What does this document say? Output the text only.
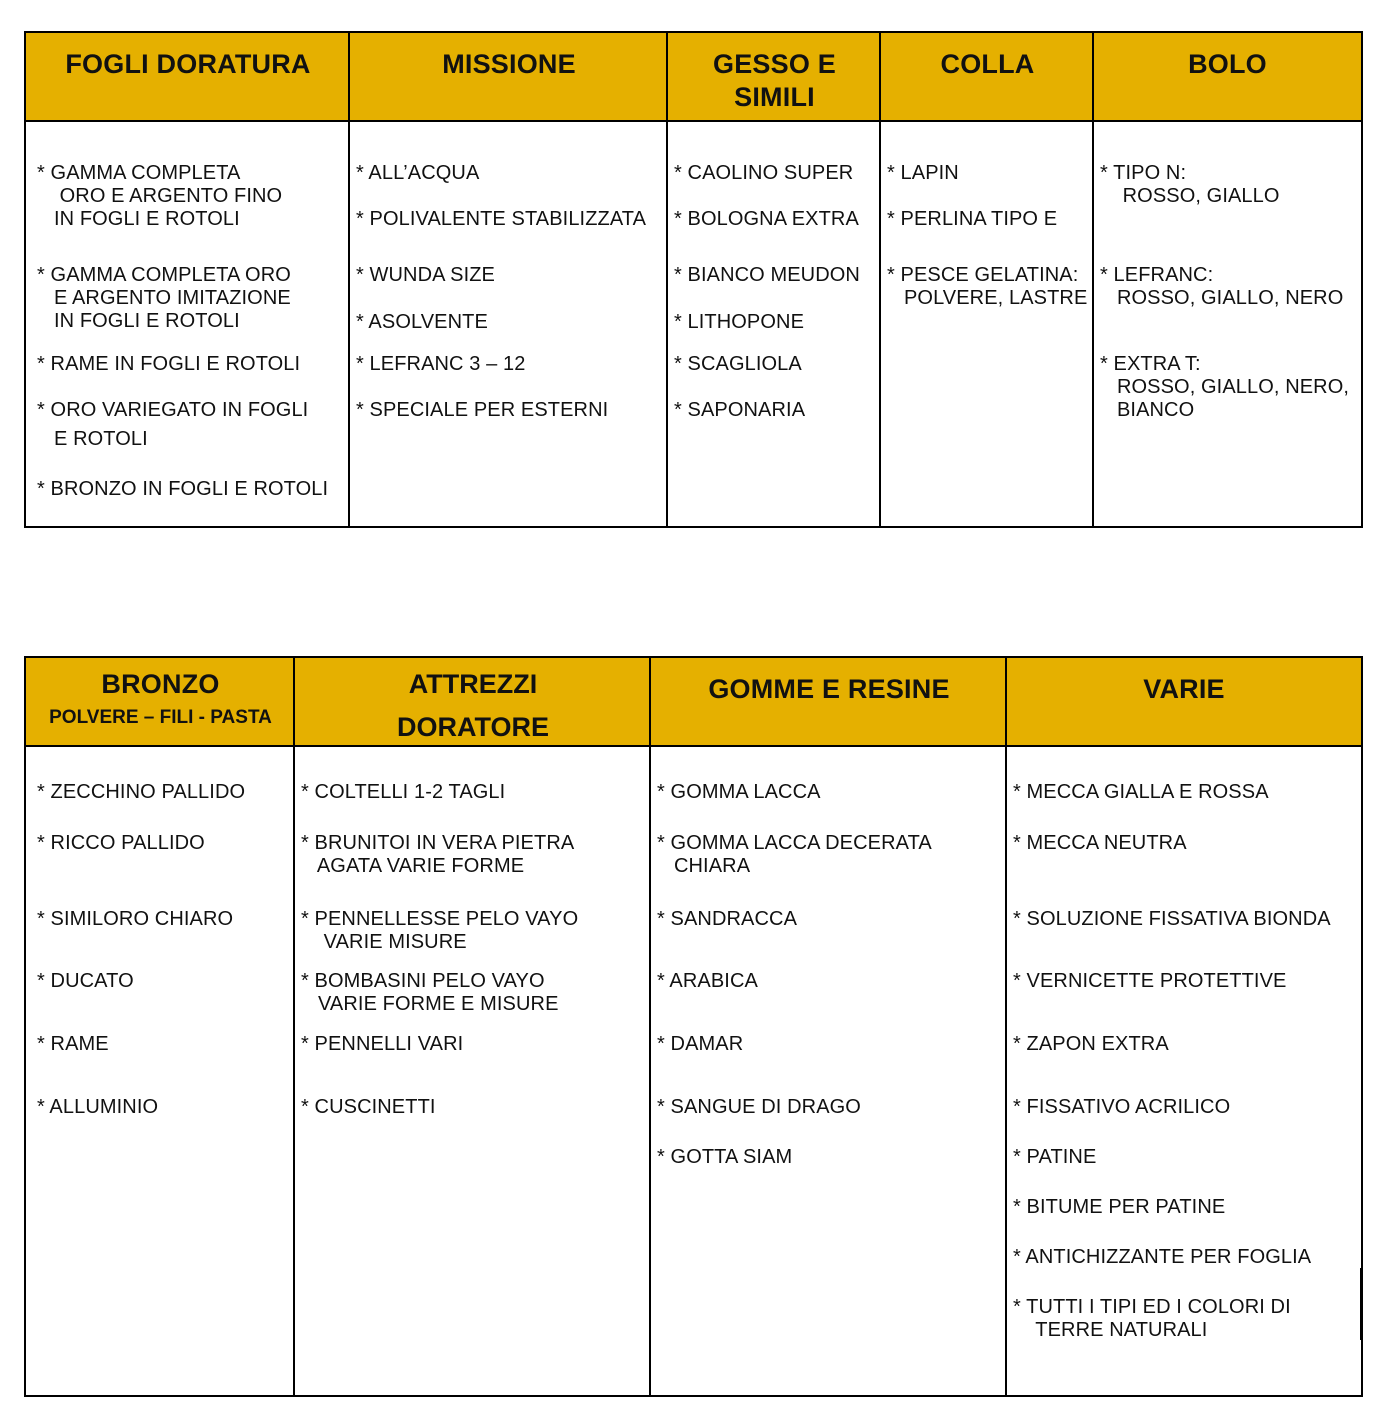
FOGLI DORATURA
* GAMMA COMPLETA
ORO E ARGENTO FINO
IN FOGLI E ROTOLI
* GAMMA COMPLETA ORO
E ARGENTO IMITAZIONE
IN FOGLI E ROTOLI
* RAME IN FOGLI E ROTOLI
* ORO VARIEGATO IN FOGLI
E ROTOLI
* BRONZO IN FOGLI E ROTOLI
MISSIONE
* ALL’ACQUA
* POLIVALENTE STABILIZZATA
* WUNDA SIZE
* ASOLVENTE
* LEFRANC 3 – 12
* SPECIALE PER ESTERNI
GESSO E
SIMILI
* CAOLINO SUPER
* BOLOGNA EXTRA
* BIANCO MEUDON
* LITHOPONE
* SCAGLIOLA
* SAPONARIA
COLLA
* LAPIN
* PERLINA TIPO E
* PESCE GELATINA:
POLVERE, LASTRE
BOLO
* TIPO N:
ROSSO, GIALLO
* LEFRANC:
ROSSO, GIALLO, NERO
* EXTRA T:
ROSSO, GIALLO, NERO,
BIANCO
BRONZO
POLVERE – FILI - PASTA
* ZECCHINO PALLIDO
* RICCO PALLIDO
* SIMILORO CHIARO
* DUCATO
* RAME
* ALLUMINIO
ATTREZZI
DORATORE
* COLTELLI 1-2 TAGLI
* BRUNITOI IN VERA PIETRA
AGATA VARIE FORME
* PENNELLESSE PELO VAYO
VARIE MISURE
* BOMBASINI PELO VAYO
VARIE FORME E MISURE
* PENNELLI VARI
* CUSCINETTI
GOMME E RESINE
* GOMMA LACCA
* GOMMA LACCA DECERATA
CHIARA
* SANDRACCA
* ARABICA
* DAMAR
* SANGUE DI DRAGO
* GOTTA SIAM
VARIE
* MECCA GIALLA E ROSSA
* MECCA NEUTRA
* SOLUZIONE FISSATIVA BIONDA
* VERNICETTE PROTETTIVE
* ZAPON EXTRA
* FISSATIVO ACRILICO
* PATINE
* BITUME PER PATINE
* ANTICHIZZANTE PER FOGLIA
* TUTTI I TIPI ED I COLORI DI
TERRE NATURALI
